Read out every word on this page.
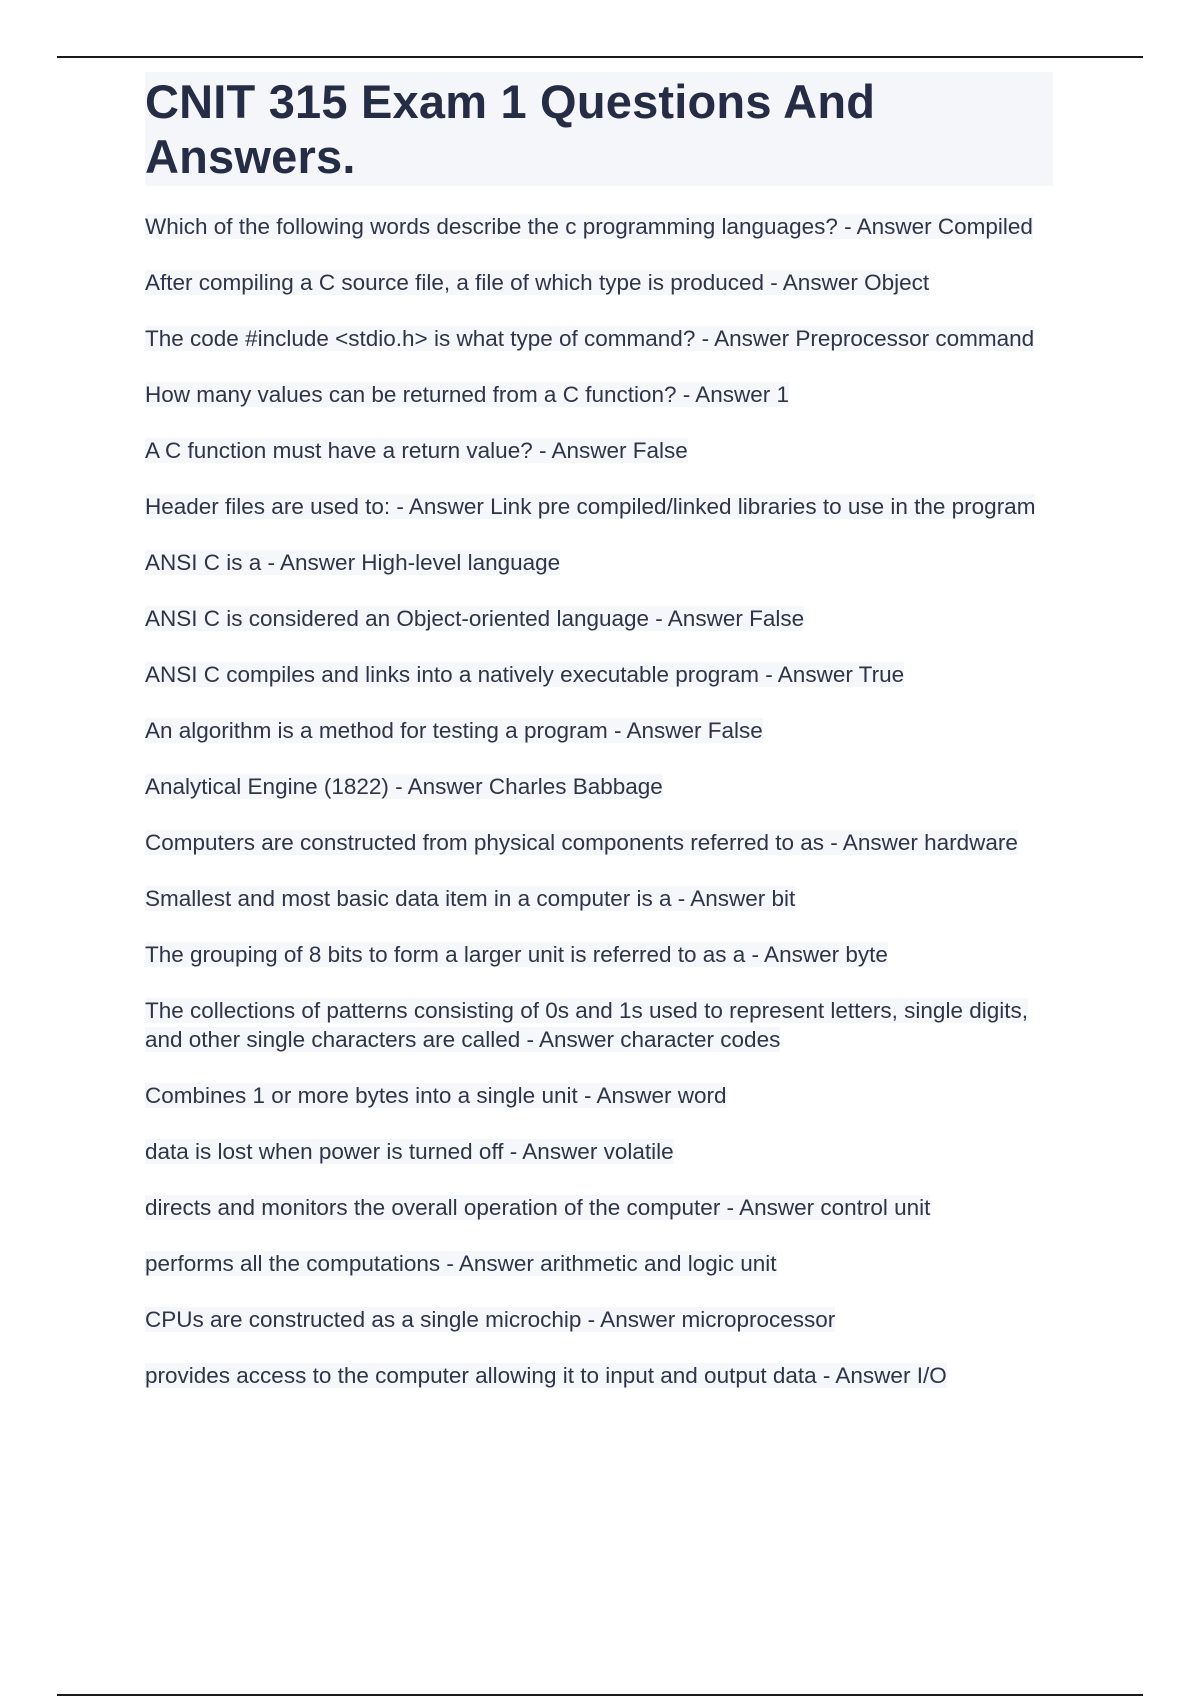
CNIT 315 Exam 1 Questions And Answers.
Which of the following words describe the c programming languages? - Answer Compiled
After compiling a C source file, a file of which type is produced - Answer Object
The code #include <stdio.h> is what type of command? - Answer Preprocessor command
How many values can be returned from a C function? - Answer 1
A C function must have a return value? - Answer False
Header files are used to: - Answer Link pre compiled/linked libraries to use in the program
ANSI C is a - Answer High-level language
ANSI C is considered an Object-oriented language - Answer False
ANSI C compiles and links into a natively executable program - Answer True
An algorithm is a method for testing a program - Answer False
Analytical Engine (1822) - Answer Charles Babbage
Computers are constructed from physical components referred to as - Answer hardware
Smallest and most basic data item in a computer is a - Answer bit
The grouping of 8 bits to form a larger unit is referred to as a - Answer byte
The collections of patterns consisting of 0s and 1s used to represent letters, single digits, and other single characters are called - Answer character codes
Combines 1 or more bytes into a single unit - Answer word
data is lost when power is turned off - Answer volatile
directs and monitors the overall operation of the computer - Answer control unit
performs all the computations - Answer arithmetic and logic unit
CPUs are constructed as a single microchip - Answer microprocessor
provides access to the computer allowing it to input and output data - Answer I/O
